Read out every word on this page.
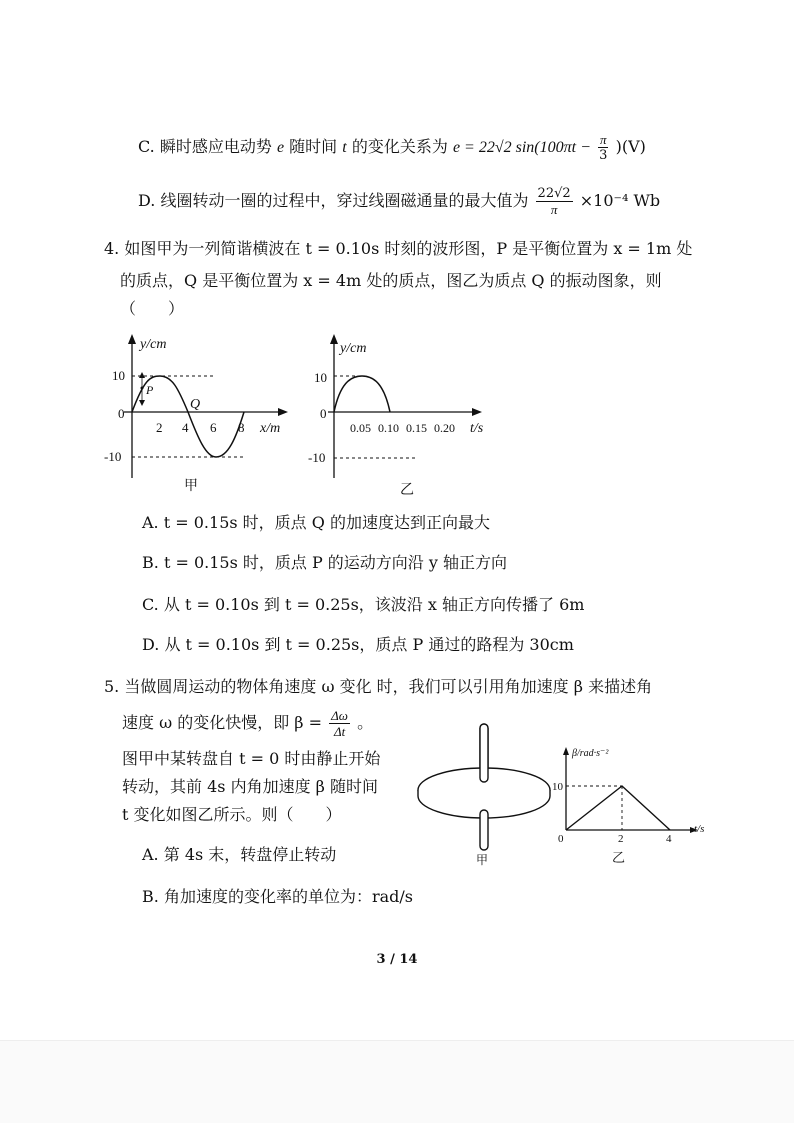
C. 瞬时感应电动势 e 随时间 t 的变化关系为 e = 22√2 $\sin(100\pi t - \frac{\pi}{3} )(V)$
D. 线圈转动一圈的过程中，穿过线圈磁通量的最大值为 $\frac{22√2}{\pi} \times 10^{-4}$ Wb
4. 如图甲为一列简谐横波在 t = 0.10s 时刻的波形图，P 是平衡位置为 x = 1m 处
的质点，Q 是平衡位置为 x = 4m 处的质点，图乙为质点 Q 的振动图象，则
（　　）
y/cm
x/m
10
0
-10
2 4 6 8
P
Q
甲
y/cm
t/s
10
0
-10
0.05 0.10 0.15 0.20
乙
A. t = 0.15s 时，质点 Q 的加速度达到正向最大
B. t = 0.15s 时，质点 P 的运动方向沿 y 轴正方向
C. 从 t = 0.10s 到 t = 0.25s，该波沿 x 轴正方向传播了 6m
D. 从 t = 0.10s 到 t = 0.25s，质点 P 通过的路程为 30cm
5. 当做圆周运动的物体角速度 ω 变化 时，我们可以引用角加速度 β 来描述角
速度 ω 的变化快慢，即 $\beta = \frac{\Delta\omega}{\Delta t}$ 。
图甲中某转盘自 t = 0 时由静止开始
转动，其前 4s 内角加速度 β 随时间
t 变化如图乙所示。则（　　）
甲
β/rad·s⁻²
t/s
10
0	2	4
乙
A. 第 4s 末，转盘停止转动
B. 角加速度的变化率的单位为：rad/s
3 / 14
